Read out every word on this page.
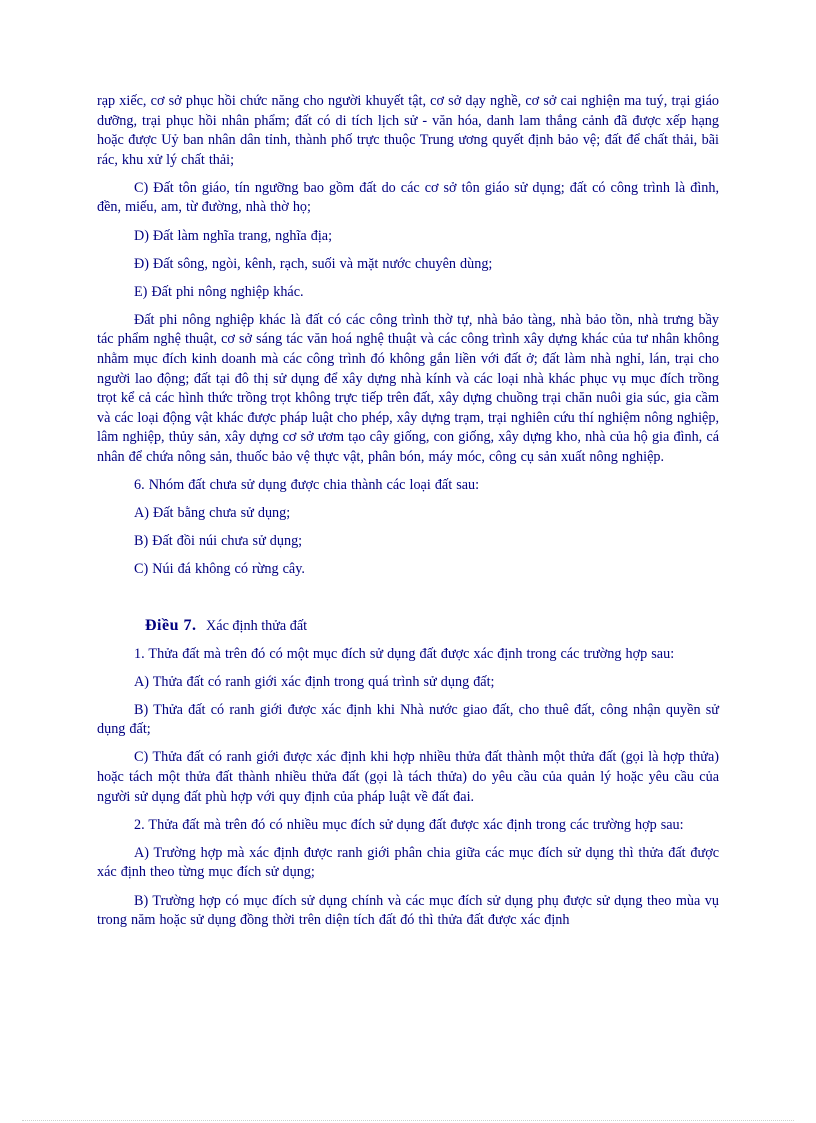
rạp xiếc, cơ sở phục hồi chức năng cho người khuyết tật, cơ sở dạy nghề, cơ sở cai nghiện ma tuý, trại giáo dưỡng, trại phục hồi nhân phẩm; đất có di tích lịch sử - văn hóa, danh lam thắng cảnh đã được xếp hạng hoặc được Uỷ ban nhân dân tỉnh, thành phố trực thuộc Trung ương quyết định bảo vệ; đất để chất thải, bãi rác, khu xử lý chất thải;

C) Đất tôn giáo, tín ngưỡng bao gồm đất do các cơ sở tôn giáo sử dụng; đất có công trình là đình, đền, miếu, am, từ đường, nhà thờ họ;

D) Đất làm nghĩa trang, nghĩa địa;

Đ) Đất sông, ngòi, kênh, rạch, suối và mặt nước chuyên dùng;

E) Đất phi nông nghiệp khác.

Đất phi nông nghiệp khác là đất có các công trình thờ tự, nhà bảo tàng, nhà bảo tồn, nhà trưng bầy tác phẩm nghệ thuật, cơ sở sáng tác văn hoá nghệ thuật và các công trình xây dựng khác của tư nhân không nhằm mục đích kinh doanh mà các công trình đó không gắn liền với đất ở; đất làm nhà nghỉ, lán, trại cho người lao động; đất tại đô thị sử dụng để xây dựng nhà kính và các loại nhà khác phục vụ mục đích trồng trọt kể cả các hình thức trồng trọt không trực tiếp trên đất, xây dựng chuồng trại chăn nuôi gia súc, gia cầm và các loại động vật khác được pháp luật cho phép, xây dựng trạm, trại nghiên cứu thí nghiệm nông nghiệp, lâm nghiệp, thủy sản, xây dựng cơ sở ươm tạo cây giống, con giống, xây dựng kho, nhà của hộ gia đình, cá nhân để chứa nông sản, thuốc bảo vệ thực vật, phân bón, máy móc, công cụ sản xuất nông nghiệp.

6. Nhóm đất chưa sử dụng được chia thành các loại đất sau:

A) Đất bằng chưa sử dụng;

B) Đất đồi núi chưa sử dụng;

C) Núi đá không có rừng cây.

Điều 7. Xác định thửa đất

1. Thửa đất mà trên đó có một mục đích sử dụng đất được xác định trong các trường hợp sau:

A) Thửa đất có ranh giới xác định trong quá trình sử dụng đất;

B) Thửa đất có ranh giới được xác định khi Nhà nước giao đất, cho thuê đất, công nhận quyền sử dụng đất;

C) Thửa đất có ranh giới được xác định khi hợp nhiều thửa đất thành một thửa đất (gọi là hợp thửa) hoặc tách một thửa đất thành nhiều thửa đất (gọi là tách thửa) do yêu cầu của quản lý hoặc yêu cầu của người sử dụng đất phù hợp với quy định của pháp luật về đất đai.

2. Thửa đất mà trên đó có nhiều mục đích sử dụng đất được xác định trong các trường hợp sau:

A) Trường hợp mà xác định được ranh giới phân chia giữa các mục đích sử dụng thì thửa đất được xác định theo từng mục đích sử dụng;

B) Trường hợp có mục đích sử dụng chính và các mục đích sử dụng phụ được sử dụng theo mùa vụ trong năm hoặc sử dụng đồng thời trên diện tích đất đó thì thửa đất được xác định
